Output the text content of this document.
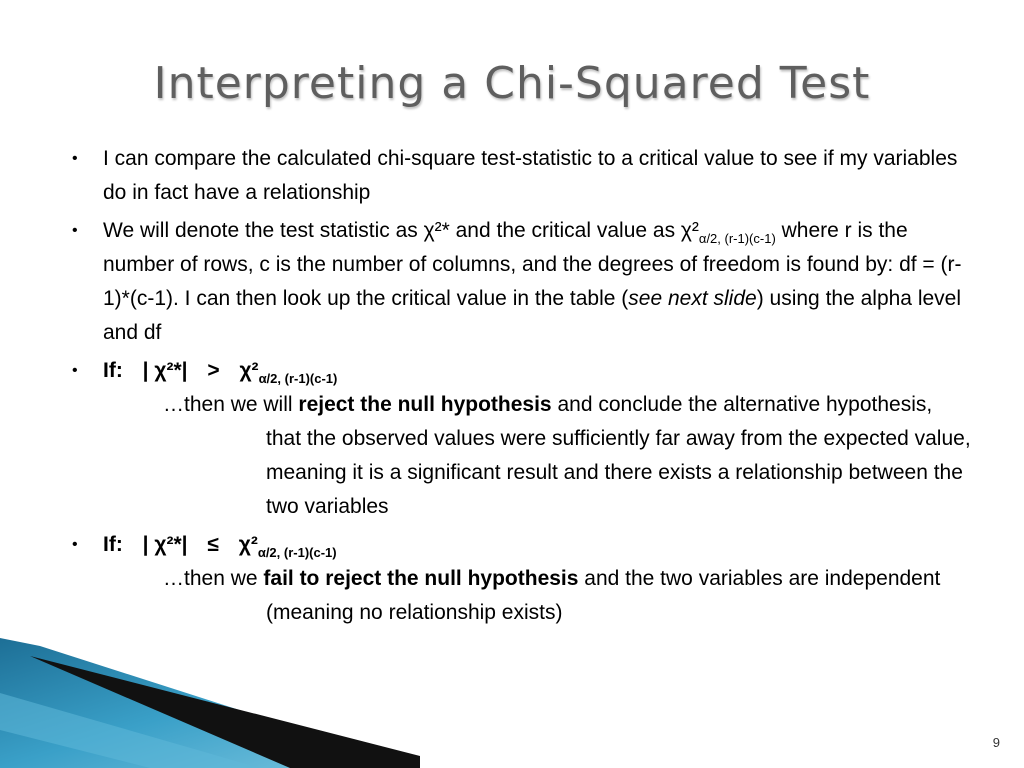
Interpreting a Chi-Squared Test
• I can compare the calculated chi-square test-statistic to a critical value to see if my variables do in fact have a relationship
• We will denote the test statistic as χ²* and the critical value as $\chi^2_{\alpha/2, (r-1)(c-1)}$ where r is the number of rows, c is the number of columns, and the degrees of freedom is found by: df = (r-1)*(c-1). I can then look up the critical value in the table (see next slide) using the alpha level and df
• If: | $\chi^2*| > \chi^2_{\alpha/2, (r-1)(c-1)}$
…then we will reject the null hypothesis and conclude the alternative hypothesis, that the observed values were sufficiently far away from the expected value, meaning it is a significant result and there exists a relationship between the two variables
• If: | $\chi^2*| \le \chi^2_{\alpha/2, (r-1)(c-1)}$
…then we fail to reject the null hypothesis and the two variables are independent (meaning no relationship exists)
9
